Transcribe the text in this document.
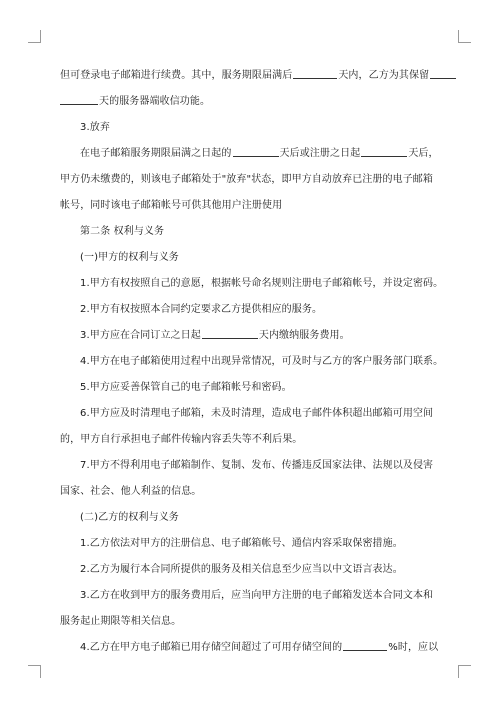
但可登录电子邮箱进行续费。其中，服务期限届满后	天内，乙方为其保留

天的服务器端收信功能。

3.放弃

在电子邮箱服务期限届满之日起的	天后或注册之日起	天后，

甲方仍未缴费的，则该电子邮箱处于"放弃"状态，即甲方自动放弃已注册的电子邮箱

帐号，同时该电子邮箱帐号可供其他用户注册使用

第二条 权利与义务

(一)甲方的权利与义务

1.甲方有权按照自己的意愿，根据帐号命名规则注册电子邮箱帐号，并设定密码。

2.甲方有权按照本合同约定要求乙方提供相应的服务。

3.甲方应在合同订立之日起	天内缴纳服务费用。

4.甲方在电子邮箱使用过程中出现异常情况，可及时与乙方的客户服务部门联系。

5.甲方应妥善保管自己的电子邮箱帐号和密码。

6.甲方应及时清理电子邮箱，未及时清理，造成电子邮件体积超出邮箱可用空间

的，甲方自行承担电子邮件传输内容丢失等不利后果。

7.甲方不得利用电子邮箱制作、复制、发布、传播违反国家法律、法规以及侵害

国家、社会、他人利益的信息。

(二)乙方的权利与义务

1.乙方依法对甲方的注册信息、电子邮箱帐号、通信内容采取保密措施。

2.乙方为履行本合同所提供的服务及相关信息至少应当以中文语言表达。

3.乙方在收到甲方的服务费用后，应当向甲方注册的电子邮箱发送本合同文本和

服务起止期限等相关信息。

4.乙方在甲方电子邮箱已用存储空间超过了可用存储空间的	%时，应以
